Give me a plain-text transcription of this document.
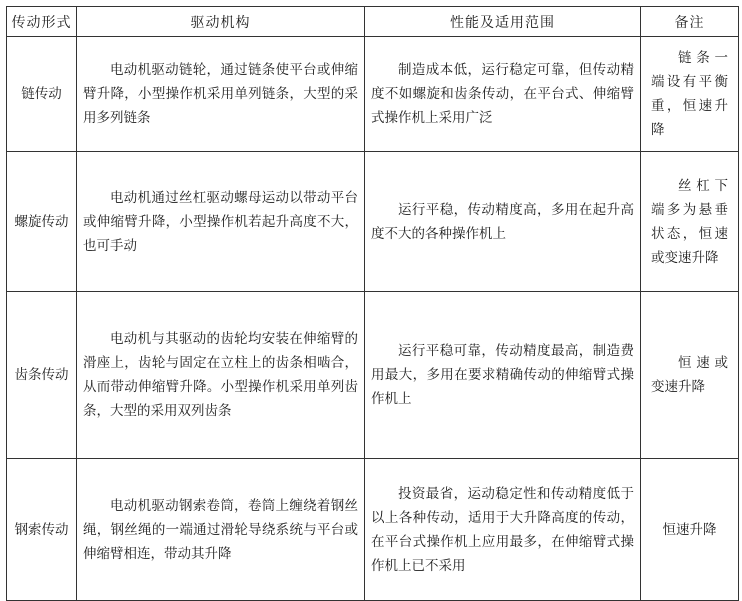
传动形式	驱动机构	性能及适用范围	备注
链传动	电动机驱动链轮，通过链条使平台或伸缩臂升降，小型操作机采用单列链条，大型的采用多列链条	制造成本低，运行稳定可靠，但传动精度不如螺旋和齿条传动，在平台式、伸缩臂式操作机上采用广泛	链条一端设有平衡重，恒速升降
螺旋传动	电动机通过丝杠驱动螺母运动以带动平台或伸缩臂升降，小型操作机若起升高度不大，也可手动	运行平稳，传动精度高，多用在起升高度不大的各种操作机上	丝杠下端多为悬垂状态，恒速或变速升降
齿条传动	电动机与其驱动的齿轮均安装在伸缩臂的滑座上，齿轮与固定在立柱上的齿条相啮合，从而带动伸缩臂升降。小型操作机采用单列齿条，大型的采用双列齿条	运行平稳可靠，传动精度最高，制造费用最大，多用在要求精确传动的伸缩臂式操作机上	恒速或变速升降
钢索传动	电动机驱动钢索卷筒，卷筒上缠绕着钢丝绳，钢丝绳的一端通过滑轮导绕系统与平台或伸缩臂相连，带动其升降	投资最省，运动稳定性和传动精度低于以上各种传动，适用于大升降高度的传动，在平台式操作机上应用最多，在伸缩臂式操作机上已不采用	恒速升降
